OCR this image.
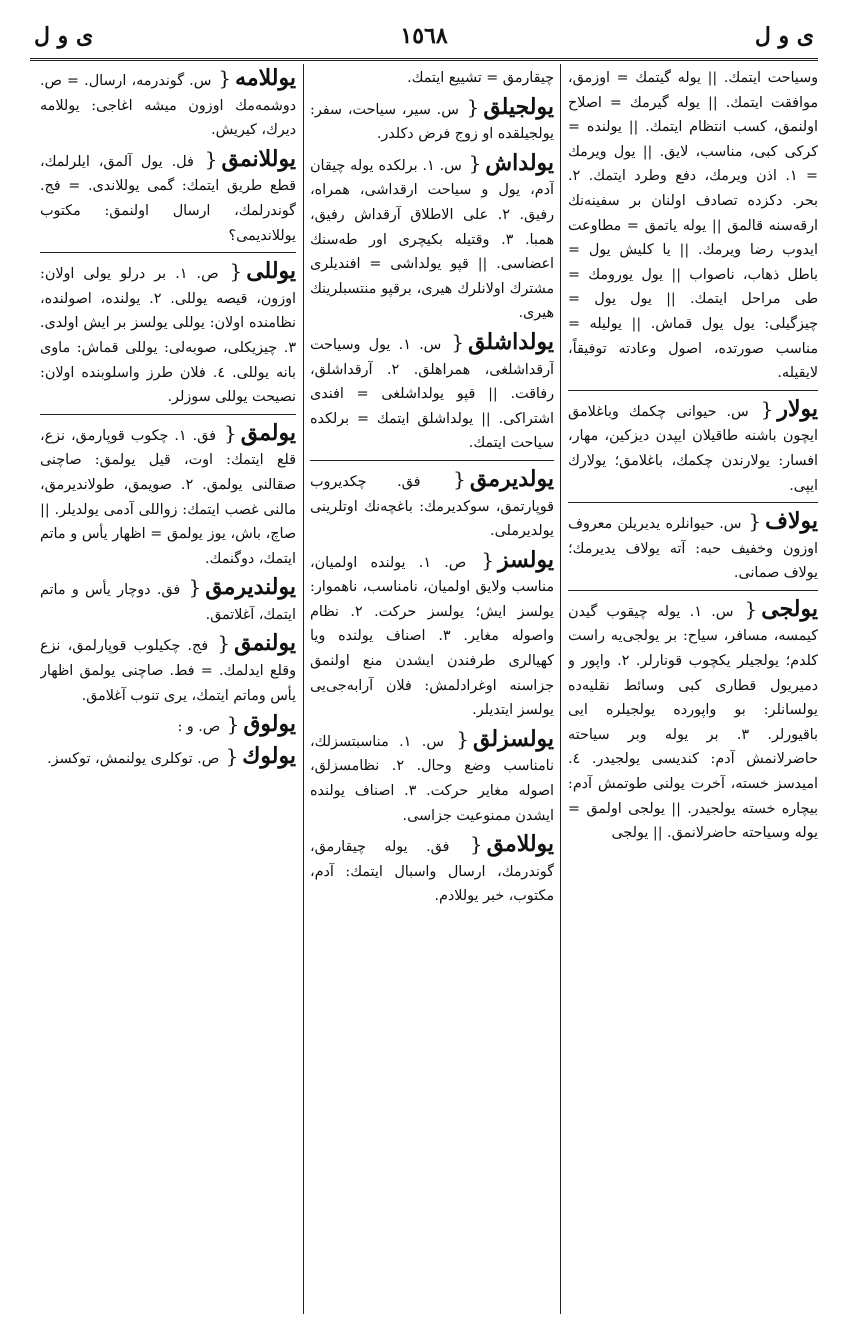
ی و ل
١٥٦٨
ی و ل

وسیاحت ایتمك. || یوله گیتمك = اوزمق، موافقت ایتمك. || یوله گیرمك = اصلاح اولنمق، كسب انتظام ایتمك. || یولنده = كركی كبی، مناسب، لایق. || یول ویرمك = ١. اذن ویرمك، دفع وطرد ایتمك. ٢. بحر. دكزده تصادف اولنان بر سفینه‌نك ارقه‌سنه قالمق || یوله یاتمق = مطاوعت ایدوب رضا ویرمك. || یا كلیش یول = باطل ذهاب، ناصواب || یول یورومك = طی مراحل ایتمك. || یول یول = چیزگیلی: یول یول قماش. || یولیله = مناسب صورتده، اصول وعادته توفیقاً، لایقیله.

یولار{ س. حیوانی چكمك وباغلامق ایچون باشنه طاقیلان ایپدن دیزكین، مهار، افسار: یولارندن چكمك، باغلامق؛ یولارك ایپی.

یولاف{ س. حیوانلره یدیریلن معروف اوزون وخفیف حبه: آته یولاف یدیرمك؛ یولاف صمانی.

یولجی{ س. ١. یوله چیقوب گیدن كیمسه، مسافر، سیاح: بر یولجی‌یه راست كلدم؛ یولجیلر یكچوب قونارلر. ٢. واپور و دمیریول قطاری كبی وسائط نقلیه‌ده یولسانلر: بو واپورده یولجیلره ایی باقیورلر. ٣. بر یوله وبر سیاحته حاضرلانمش آدم: كندیسی یولجیدر. ٤. امیدسز خسته، آخرت یولنی طوتمش آدم: بیچاره خسته یولجیدر. || یولجی اولمق = یوله وسیاحته حاضرلانمق. || یولجی

چیقارمق = تشییع ایتمك.

یولجیلق{ س. سیر، سیاحت، سفر: یولجیلقده او زوج فرض دكلدر.

یولداش{ س. ١. برلكده یوله چیقان آدم، یول و سیاحت ارقداشی، همراه، رفیق. ٢. علی الاطلاق آرقداش رفیق، همبا. ٣. وقتیله بكیچری اور طه‌سنك اعضاسی. || قپو یولداشی = افندیلری مشترك اولانلرك هیری، برقپو منتسبلرینك هیری.

یولداشلق{ س. ١. یول وسیاحت آرقداشلغی، همراهلق. ٢. آرقداشلق، رفاقت. || قپو یولداشلغی = افندی اشتراكی. || یولداشلق ایتمك = برلكده سیاحت ایتمك.

یولدیرمق{ فق. چكدیروب قوپارتمق، سوكدیرمك: باغچه‌نك اوتلرینی یولدیرملی.

یولسز{ ص. ١. یولنده اولمیان، مناسب ولایق اولمیان، نامناسب، ناهموار: یولسز ایش؛ یولسز حركت. ٢. نظام واصوله مغایر. ٣. اصناف یولنده ویا كهیالری طرفندن ایشدن منع اولنمق جزاسنه اوغرادلمش: فلان آرابه‌جی‌یی یولسز ایتدیلر.

یولسزلق{ س. ١. مناسبتسزلك، نامناسب وضع وحال. ٢. نظامسزلق، اصوله مغایر حركت. ٣. اصناف یولنده ایشدن ممنوعیت جزاسی.

یوللامق{ فق. یوله چیقارمق، گوندرمك، ارسال واسبال ایتمك: آدم، مكتوب، خبر یوللادم.

یوللامه{ س. گوندرمه، ارسال. = ص. دوشمه‌مك اوزون میشه اغاجی: یوللامه دیرك، كیریش.

یوللانمق{ فل. یول آلمق، ایلرلمك، قطع طریق ایتمك: گمی یوللاندی. = فج. گوندرلمك، ارسال اولنمق: مكتوب یوللاندیمی؟

یوللی{ ص. ١. بر درلو یولی اولان: اوزون، قیصه یوللی. ٢. یولنده، اصولنده، نظامنده اولان: یوللی یولسز بر ایش اولدی. ٣. چیزیكلی، صوبه‌لی: یوللی قماش: ماوی بانه یوللی. ٤. فلان طرز واسلوبنده اولان: نصیحت یوللی سوزلر.

یولمق{ فق. ١. چكوب قوپارمق، نزع، قلع ایتمك: اوت، قیل یولمق: صاچنی صقالنی یولمق. ٢. صویمق، طولاندیرمق، مالنی غصب ایتمك: زواللی آدمی یولدیلر. || صاچ، باش، یوز یولمق = اظهار یأس و ماتم ایتمك، دوگنمك.

یولندیرمق{ فق. دوچار یأس و ماتم ایتمك، آغلاتمق.

یولنمق{ فج. چكیلوب قوپارلمق، نزع وقلع ایدلمك. = فط. صاچنی یولمق اظهار یأس وماتم ایتمك، یری تنوب آغلامق.

یولوق{ ص. و :

یولوك{ ص. توكلری یولنمش، توكسز.
